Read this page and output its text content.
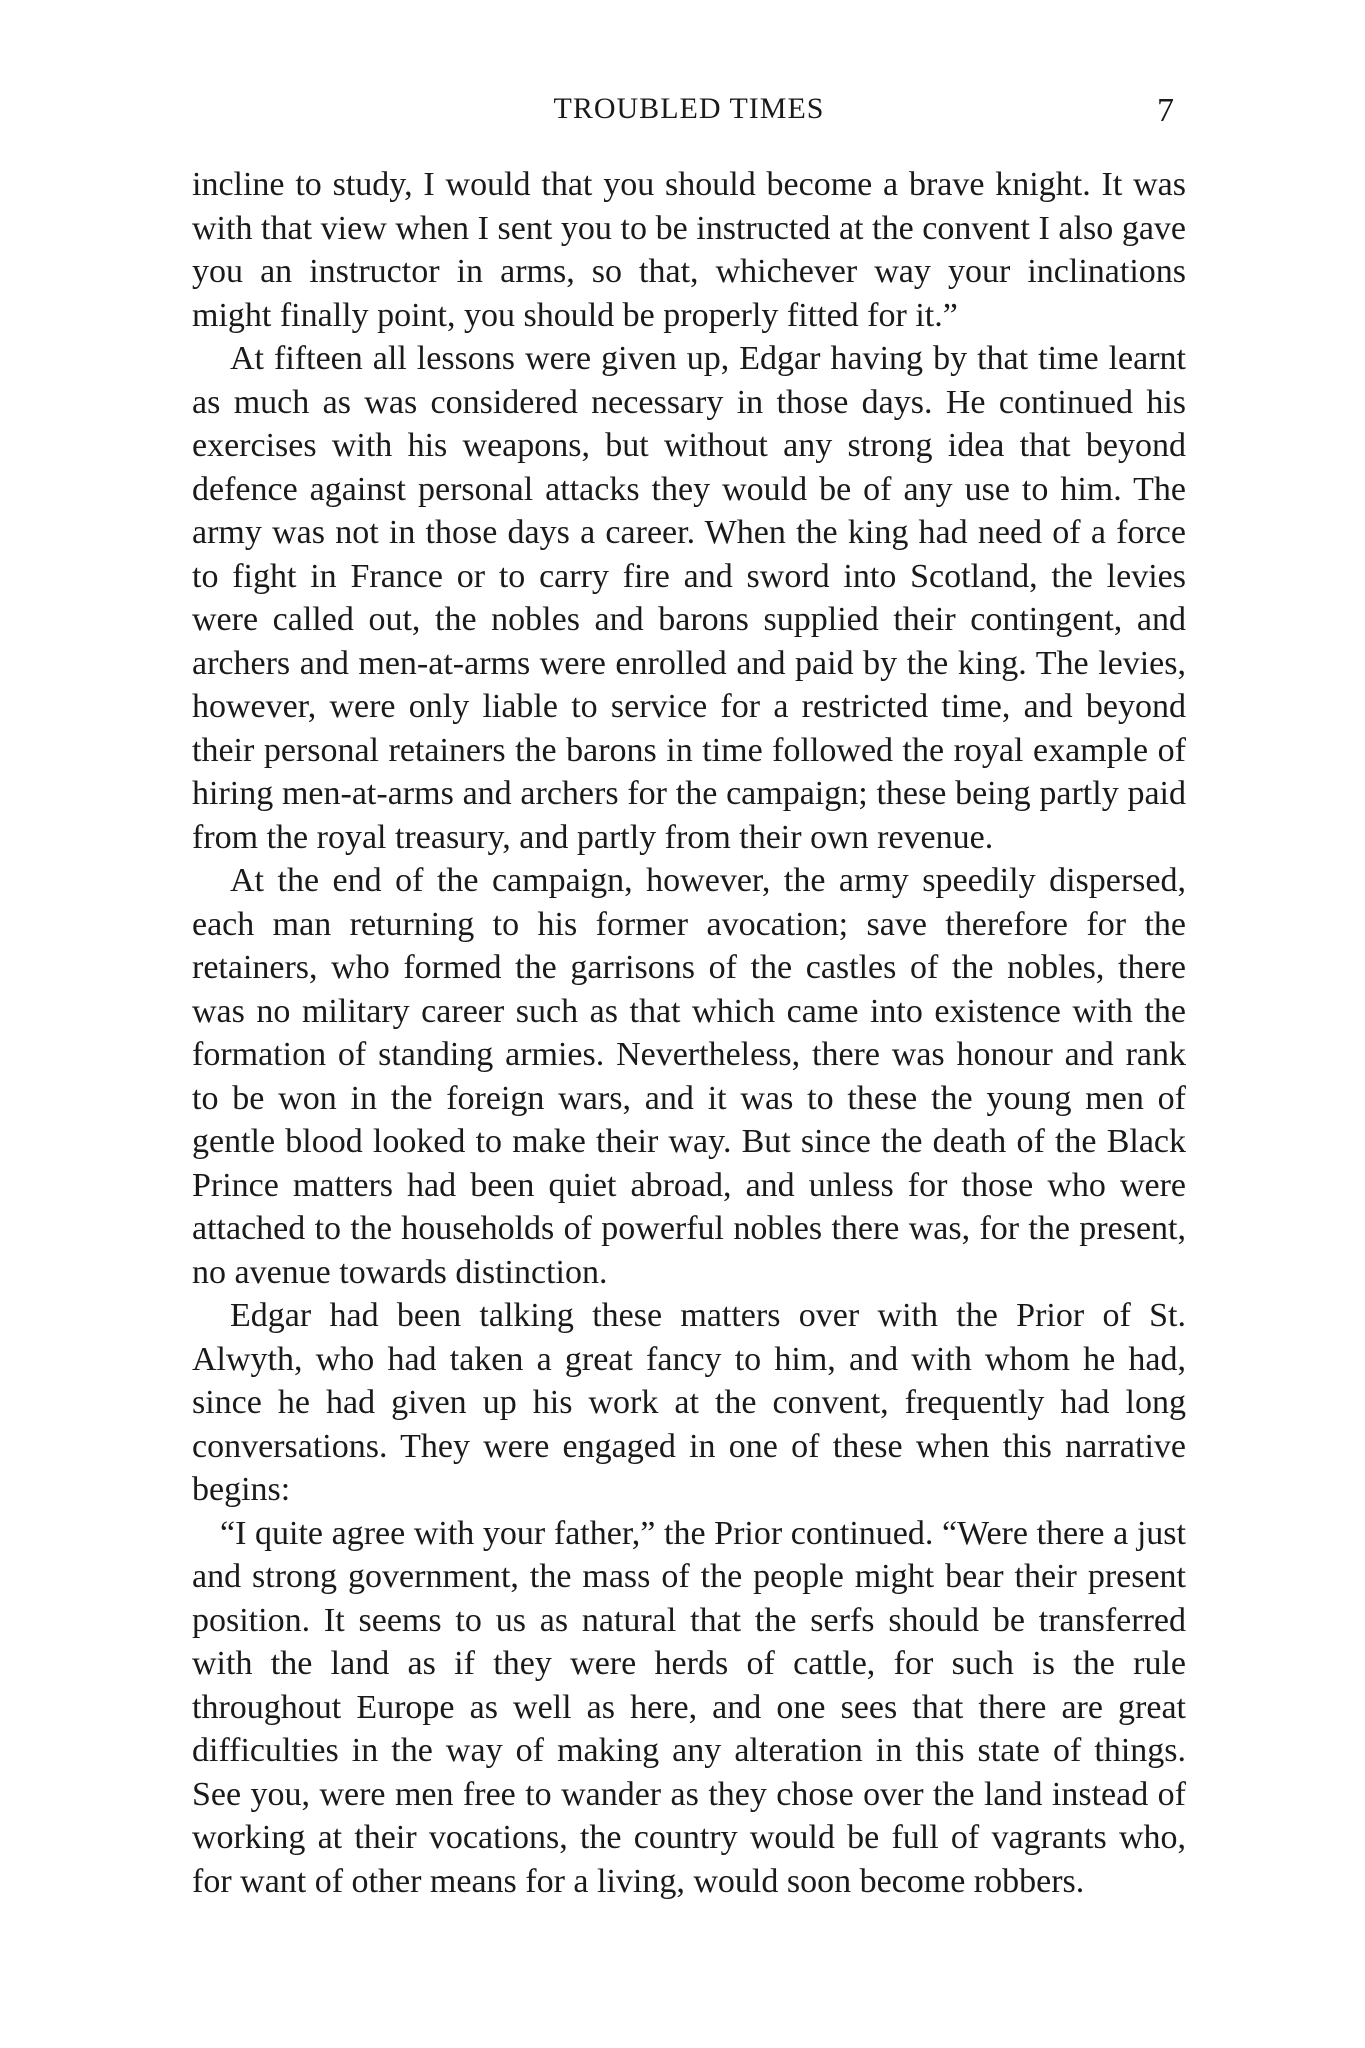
TROUBLED TIMES	7

incline to study, I would that you should become a brave knight. It was with that view when I sent you to be instructed at the convent I also gave you an instructor in arms, so that, whichever way your inclinations might finally point, you should be properly fitted for it.”

At fifteen all lessons were given up, Edgar having by that time learnt as much as was considered necessary in those days. He continued his exercises with his weapons, but without any strong idea that beyond defence against personal attacks they would be of any use to him. The army was not in those days a career. When the king had need of a force to fight in France or to carry fire and sword into Scotland, the levies were called out, the nobles and barons supplied their contingent, and archers and men-at-arms were enrolled and paid by the king. The levies, however, were only liable to service for a restricted time, and beyond their personal retainers the barons in time followed the royal example of hiring men-at-arms and archers for the campaign; these being partly paid from the royal treasury, and partly from their own revenue.

At the end of the campaign, however, the army speedily dispersed, each man returning to his former avocation; save therefore for the retainers, who formed the garrisons of the castles of the nobles, there was no military career such as that which came into existence with the formation of standing armies. Nevertheless, there was honour and rank to be won in the foreign wars, and it was to these the young men of gentle blood looked to make their way. But since the death of the Black Prince matters had been quiet abroad, and unless for those who were attached to the households of powerful nobles there was, for the present, no avenue towards distinction.

Edgar had been talking these matters over with the Prior of St. Alwyth, who had taken a great fancy to him, and with whom he had, since he had given up his work at the convent, frequently had long conversations. They were engaged in one of these when this narrative begins:

“I quite agree with your father,” the Prior continued. “Were there a just and strong government, the mass of the people might bear their present position. It seems to us as natural that the serfs should be transferred with the land as if they were herds of cattle, for such is the rule throughout Europe as well as here, and one sees that there are great difficulties in the way of making any alteration in this state of things. See you, were men free to wander as they chose over the land instead of working at their vocations, the country would be full of vagrants who, for want of other means for a living, would soon become robbers.
